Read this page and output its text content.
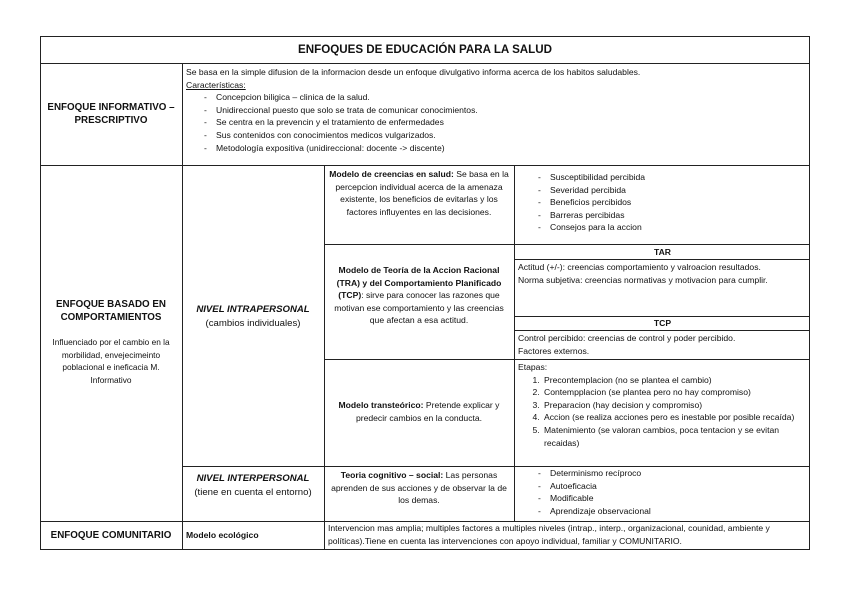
ENFOQUES DE EDUCACIÓN PARA LA SALUD
ENFOQUE INFORMATIVO – PRESCRIPTIVO
Se basa en la simple difusion de la informacion desde un enfoque divulgativo informa acerca de los habitos saludables.
Características:
- Concepcion biligica – clinica de la salud.
- Unidireccional puesto que solo se trata de comunicar conocimientos.
- Se centra en la prevencin y el tratamiento de enfermedades
- Sus contenidos con conocimientos medicos vulgarizados.
- Metodología expositiva (unidireccional: docente -> discente)
ENFOQUE BASADO EN COMPORTAMIENTOS
Influenciado por el cambio en la morbilidad, envejecimeinto poblacional e ineficacia M. Informativo
NIVEL INTRAPERSONAL
(cambios individuales)
Modelo de creencias en salud: Se basa en la percepcion individual acerca de la amenaza existente, los beneficios de evitarlas y los factores influyentes en las decisiones.
- Susceptibilidad percibida
- Severidad percibida
- Beneficios percibidos
- Barreras percibidas
- Consejos para la accion
Modelo de Teoría de la Accion Racional (TRA) y del Comportamiento Planificado (TCP): sirve para conocer las razones que motivan ese comportamiento y las creencias que afectan a esa actitud.
TAR
Actitud (+/-): creencias comportamiento y valroacion resultados.
Norma subjetiva: creencias normativas y motivacion para cumplir.
TCP
Control percibido: creencias de control y poder percibido.
Factores externos.
Modelo transteórico: Pretende explicar y predecir cambios en la conducta.
Etapas:
1. Precontemplacion (no se plantea el cambio)
2. Contempplacion (se plantea pero no hay compromiso)
3. Preparacion (hay decision y compromiso)
4. Accion (se realiza acciones pero es inestable por posible recaída)
5. Matenimiento (se valoran cambios, poca tentacion y se evitan recaidas)
NIVEL INTERPERSONAL
(tiene en cuenta el entorno)
Teoria cognitivo – social: Las personas aprenden de sus acciones y de observar la de los demas.
- Determinismo recíproco
- Autoeficacia
- Modificable
- Aprendizaje observacional
ENFOQUE COMUNITARIO	Modelo ecológico
Intervencion mas amplia; multiples factores a multiples niveles (intrap., interp., organizacional, counidad, ambiente y políticas).Tiene en cuenta las intervenciones con apoyo individual, familiar y COMUNITARIO.
